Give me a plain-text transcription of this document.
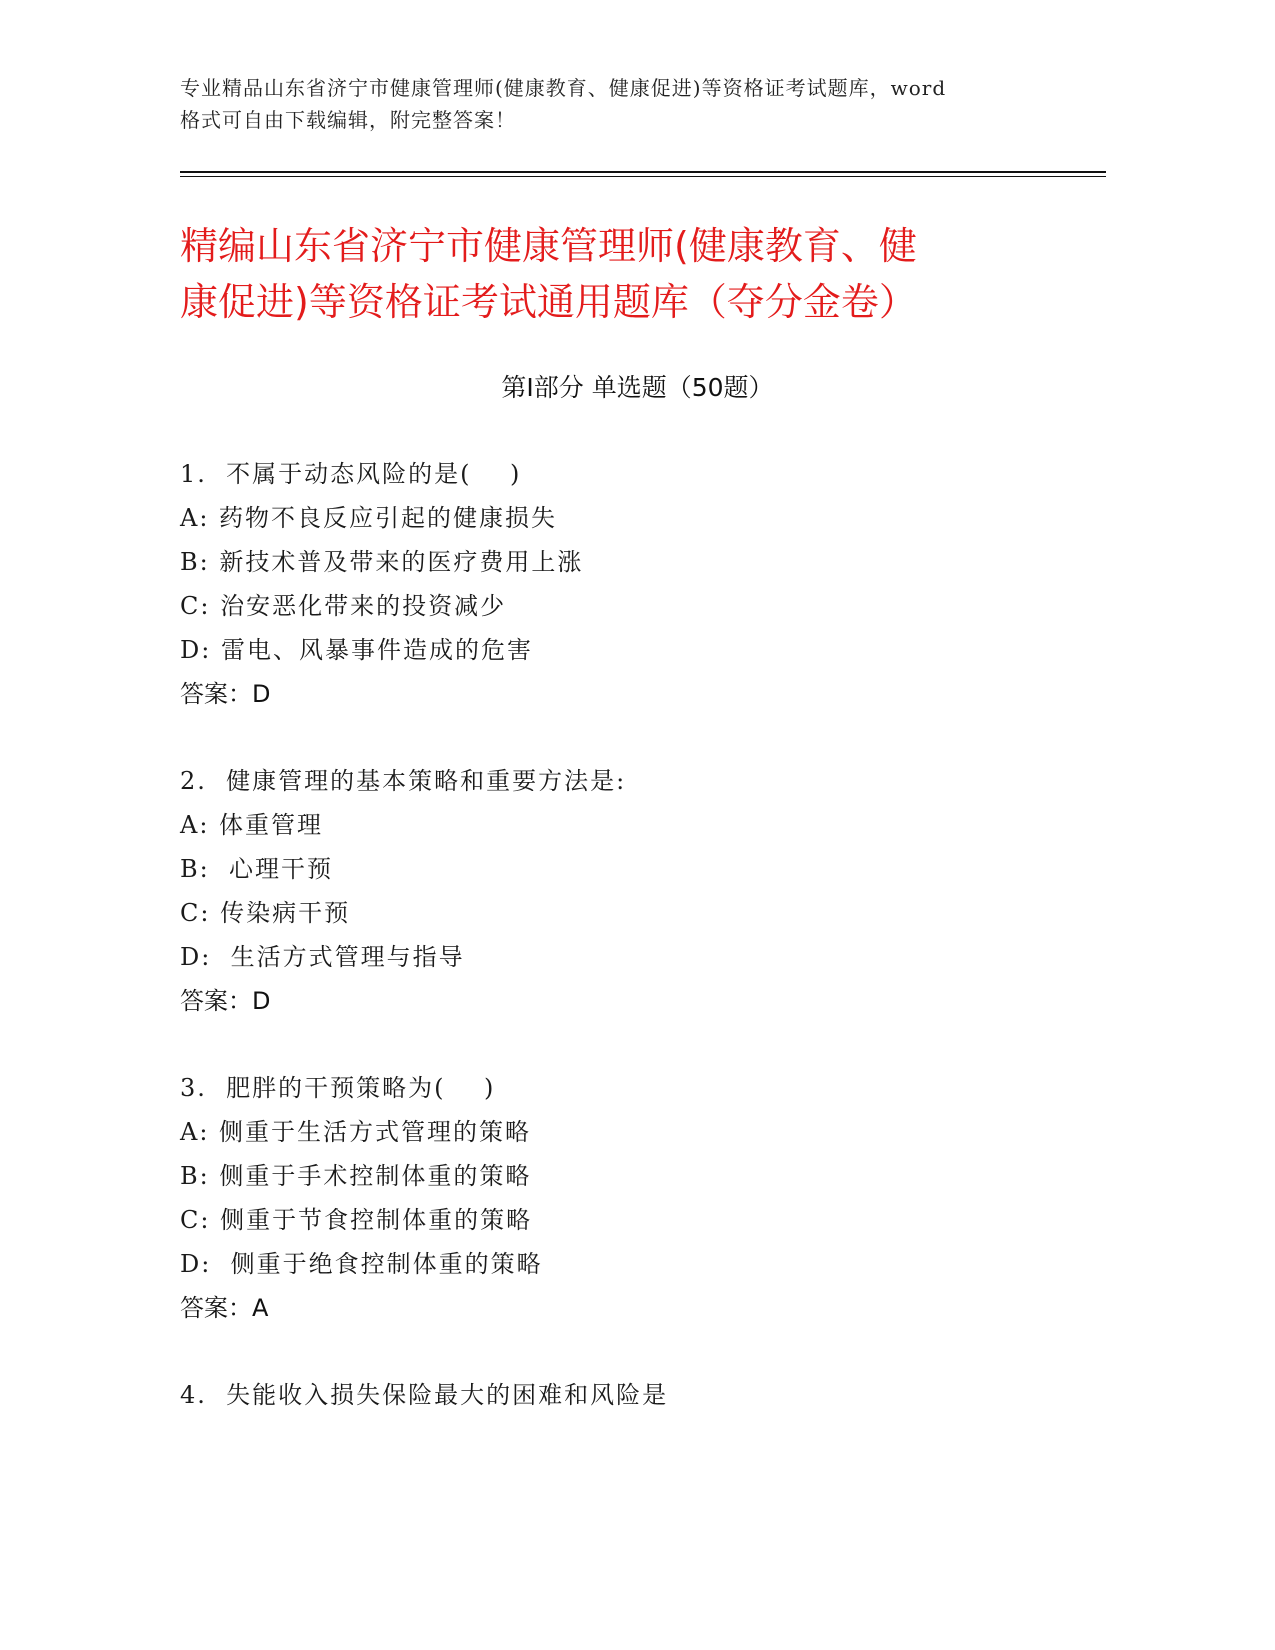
专业精品山东省济宁市健康管理师(健康教育、健康促进)等资格证考试题库，word
格式可自由下载编辑，附完整答案！
精编山东省济宁市健康管理师(健康教育、健
康促进)等资格证考试通用题库（夺分金卷）
第Ⅰ部分 单选题（50题）
1.  不属于动态风险的是(    )
A: 药物不良反应引起的健康损失
B: 新技术普及带来的医疗费用上涨
C: 治安恶化带来的投资减少
D: 雷电、风暴事件造成的危害
答案：D
2.  健康管理的基本策略和重要方法是:
A: 体重管理
B:  心理干预
C: 传染病干预
D:  生活方式管理与指导
答案：D
3.  肥胖的干预策略为(    )
A: 侧重于生活方式管理的策略
B: 侧重于手术控制体重的策略
C: 侧重于节食控制体重的策略
D:  侧重于绝食控制体重的策略
答案：A
4.  失能收入损失保险最大的困难和风险是
